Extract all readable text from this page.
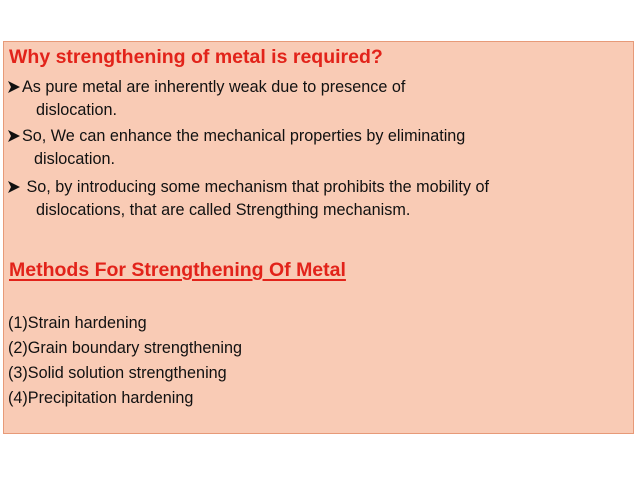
Why strengthening of metal is required?
As pure metal are inherently weak due to presence of
dislocation.
So, We can enhance the mechanical properties by eliminating
dislocation.
So, by introducing some mechanism that prohibits the mobility of
dislocations, that are called Strengthing mechanism.
Methods For Strengthening Of Metal
(1)Strain hardening
(2)Grain boundary strengthening
(3)Solid solution strengthening
(4)Precipitation hardening
